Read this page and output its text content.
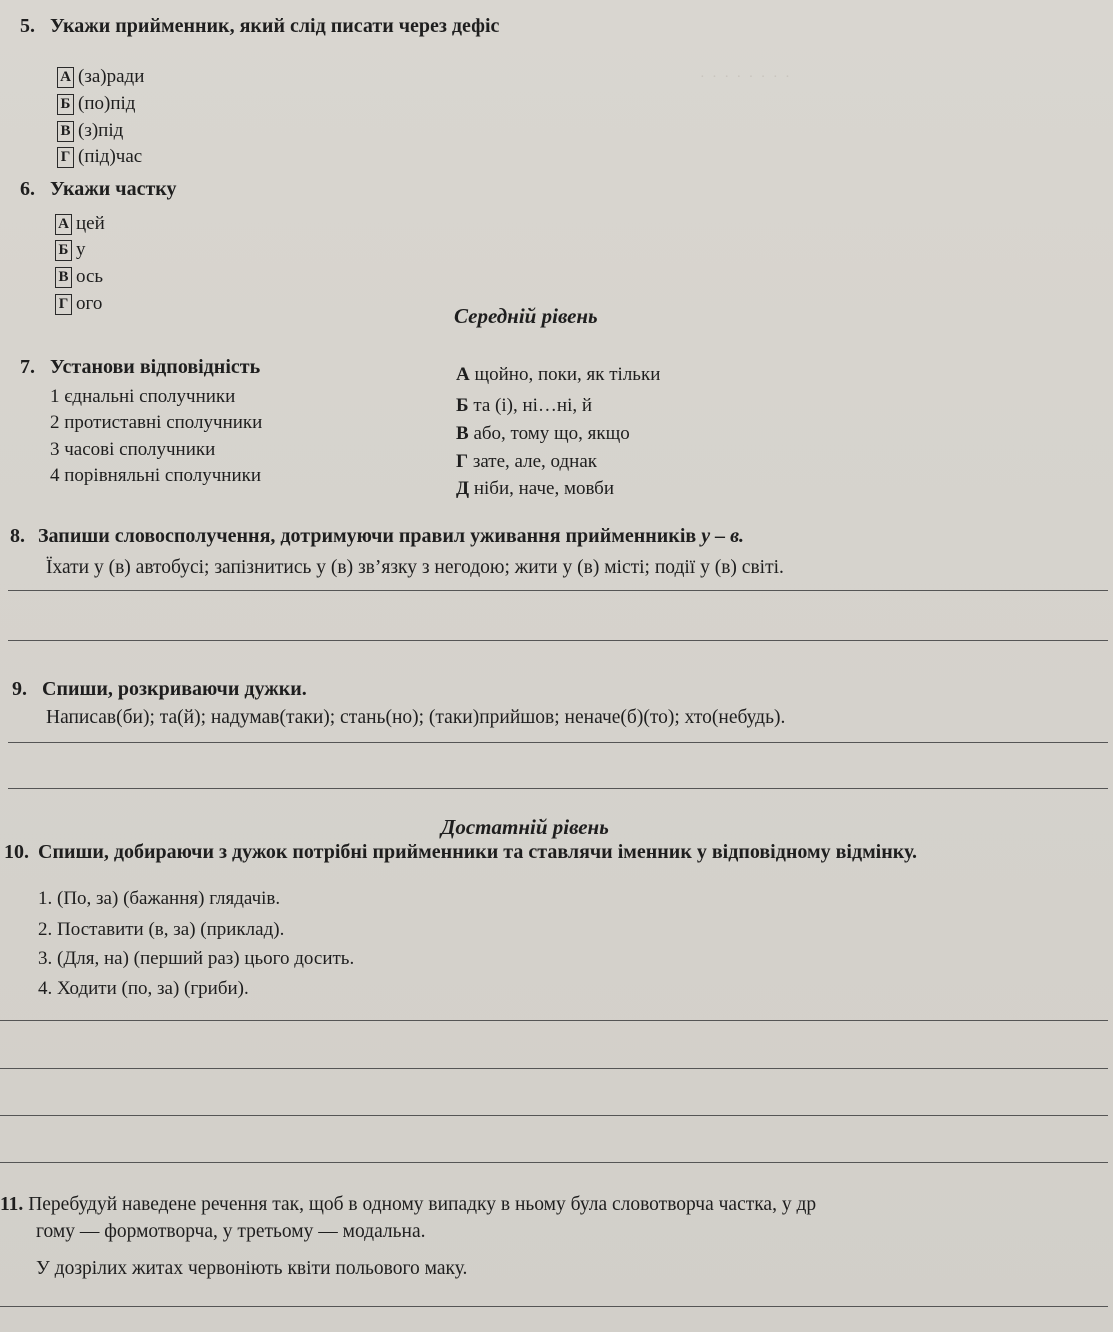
· · · · · · · ·
5. Укажи прийменник, який слід писати через дефіс
А (за)ради
Б (по)під
В (з)під
Г (під)час
6. Укажи частку
А цей
Б у
В ось
Г ого
Середній рівень
7. Установи відповідність
1 єднальні сполучники
2 протиставні сполучники
3 часові сполучники
4 порівняльні сполучники
А щойно, поки, як тільки
Б та (і), ні…ні, й
В або, тому що, якщо
Г зате, але, однак
Д ніби, наче, мовби
8. Запиши словосполучення, дотримуючи правил уживання прийменників у – в.
Їхати у (в) автобусі; запізнитись у (в) зв’язку з негодою; жити у (в) місті; події у (в) світі.
9. Спиши, розкриваючи дужки.
Написав(би); та(й); надумав(таки); стань(но); (таки)прийшов; неначе(б)(то); хто(небудь).
Достатній рівень
10. Спиши, добираючи з дужок потрібні прийменники та ставлячи іменник у відповідному відмінку.
1. (По, за) (бажання) глядачів.
2. Поставити (в, за) (приклад).
3. (Для, на) (перший раз) цього досить.
4. Ходити (по, за) (гриби).
11. Перебудуй наведене речення так, щоб в одному випадку в ньому була словотворча частка, у др
гому — формотворча, у третьому — модальна.
У дозрілих житах червоніють квіти польового маку.
